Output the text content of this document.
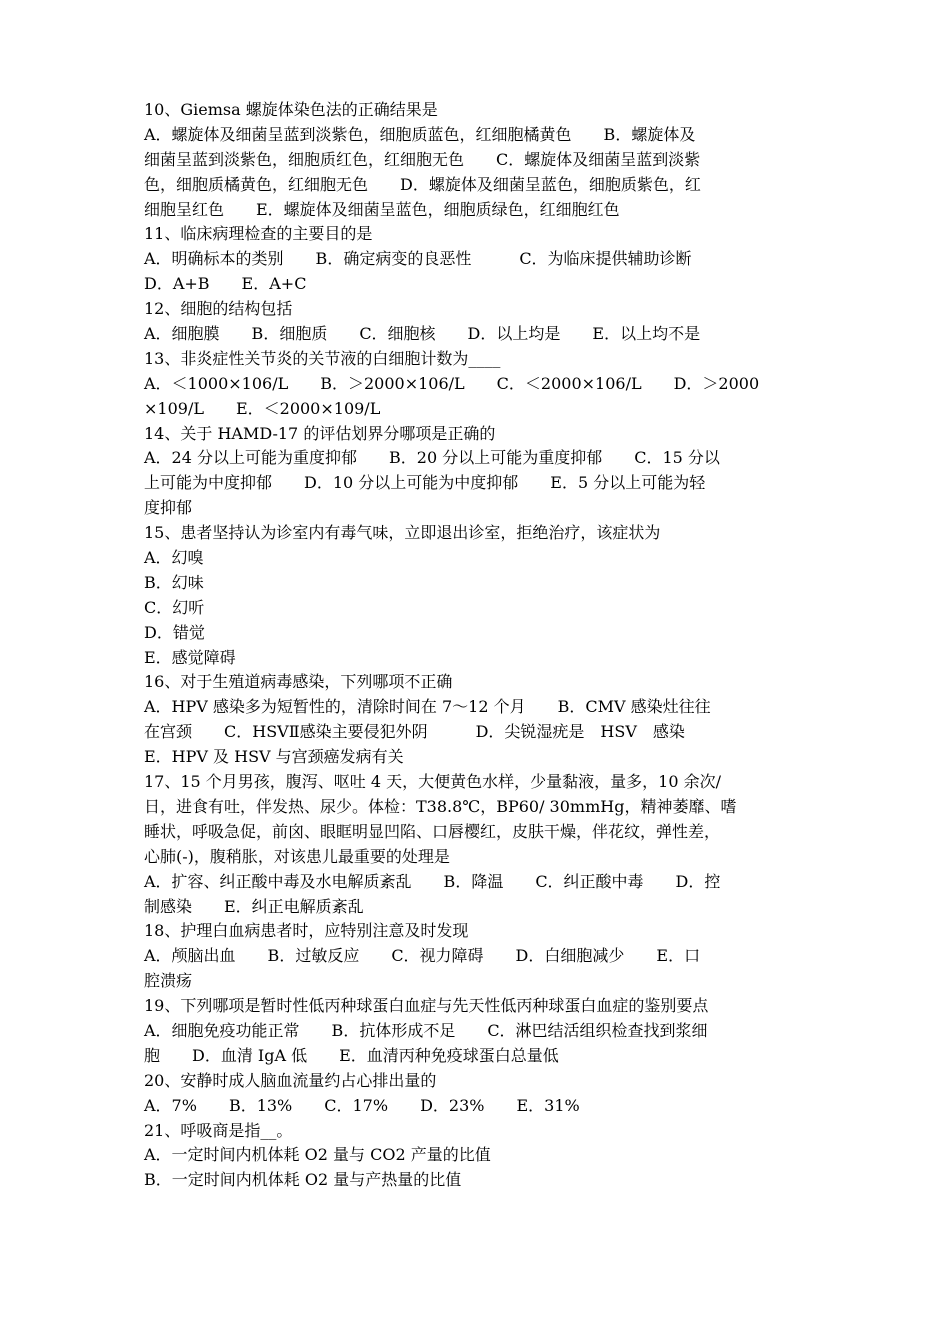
10、Giemsa 螺旋体染色法的正确结果是
A．螺旋体及细菌呈蓝到淡紫色，细胞质蓝色，红细胞橘黄色　　B．螺旋体及
细菌呈蓝到淡紫色，细胞质红色，红细胞无色　　C．螺旋体及细菌呈蓝到淡紫
色，细胞质橘黄色，红细胞无色　　D．螺旋体及细菌呈蓝色，细胞质紫色，红
细胞呈红色　　E．螺旋体及细菌呈蓝色，细胞质绿色，红细胞红色
11、临床病理检查的主要目的是
A．明确标本的类别　　B．确定病变的良恶性　　　C．为临床提供辅助诊断
D．A+B　　E．A+C
12、细胞的结构包括
A．细胞膜　　B．细胞质　　C．细胞核　　D．以上均是　　E．以上均不是
13、非炎症性关节炎的关节液的白细胞计数为____
A．＜1000×106/L　　B．＞2000×106/L　　C．＜2000×106/L　　D．＞2000
×109/L　　E．＜2000×109/L
14、关于 HAMD-17 的评估划界分哪项是正确的
A．24 分以上可能为重度抑郁　　B．20 分以上可能为重度抑郁　　C．15 分以
上可能为中度抑郁　　D．10 分以上可能为中度抑郁　　E．5 分以上可能为轻
度抑郁
15、患者坚持认为诊室内有毒气味，立即退出诊室，拒绝治疗，该症状为
A．幻嗅
B．幻味
C．幻听
D．错觉
E．感觉障碍
16、对于生殖道病毒感染，下列哪项不正确
A．HPV 感染多为短暂性的，清除时间在 7～12 个月　　B．CMV 感染灶往往
在宫颈　　C．HSVⅡ感染主要侵犯外阴　　　D．尖锐湿疣是　HSV　感染
E．HPV 及 HSV 与宫颈癌发病有关
17、15 个月男孩，腹泻、呕吐 4 天，大便黄色水样，少量黏液，量多，10 余次/
日，进食有吐，伴发热、尿少。体检：T38.8℃，BP60/ 30mmHg，精神萎靡、嗜
睡状，呼吸急促，前囟、眼眶明显凹陷、口唇樱红，皮肤干燥，伴花纹，弹性差，
心肺(-)，腹稍胀，对该患儿最重要的处理是
A．扩容、纠正酸中毒及水电解质紊乱　　B．降温　　C．纠正酸中毒　　D．控
制感染　　E．纠正电解质紊乱
18、护理白血病患者时，应特别注意及时发现
A．颅脑出血　　B．过敏反应　　C．视力障碍　　D．白细胞减少　　E．口
腔溃疡
19、下列哪项是暂时性低丙种球蛋白血症与先天性低丙种球蛋白血症的鉴别要点
A．细胞免疫功能正常　　B．抗体形成不足　　C．淋巴结活组织检查找到浆细
胞　　D．血清 IgA 低　　E．血清丙种免疫球蛋白总量低
20、安静时成人脑血流量约占心排出量的
A．7%　　B．13%　　C．17%　　D．23%　　E．31%
21、呼吸商是指__。
A．一定时间内机体耗 O2 量与 CO2 产量的比值
B．一定时间内机体耗 O2 量与产热量的比值
